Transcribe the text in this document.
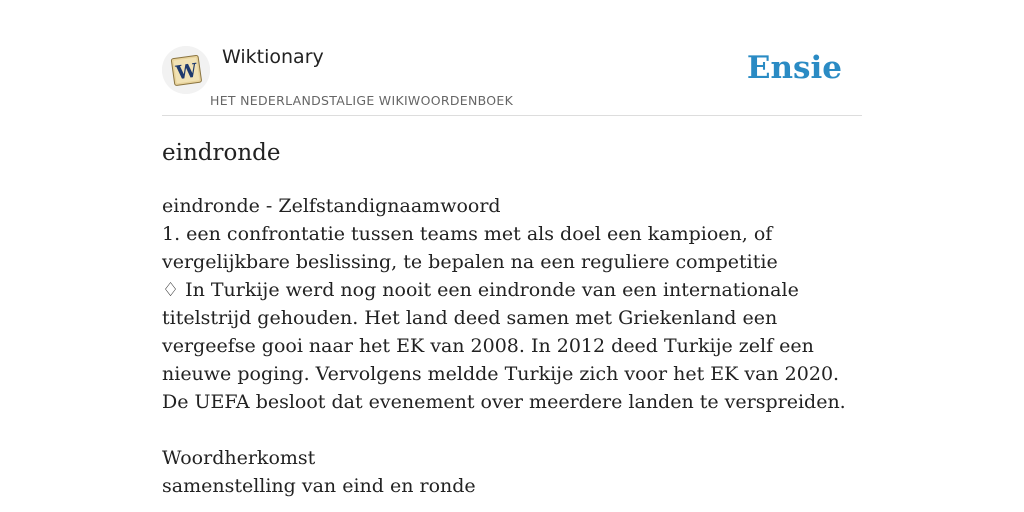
W
Wiktionary
HET NEDERLANDSTALIGE WIKIWOORDENBOEK
Ensie
eindronde

eindronde - Zelfstandignaamwoord

1. een confrontatie tussen teams met als doel een kampioen, of vergelijkbare beslissing, te bepalen na een reguliere competitie

♢ In Turkije werd nog nooit een eindronde van een internationale titelstrijd gehouden. Het land deed samen met Griekenland een vergeefse gooi naar het EK van 2008. In 2012 deed Turkije zelf een nieuwe poging. Vervolgens meldde Turkije zich voor het EK van 2020. De UEFA besloot dat evenement over meerdere landen te verspreiden.

Woordherkomst

samenstelling van eind en ronde
